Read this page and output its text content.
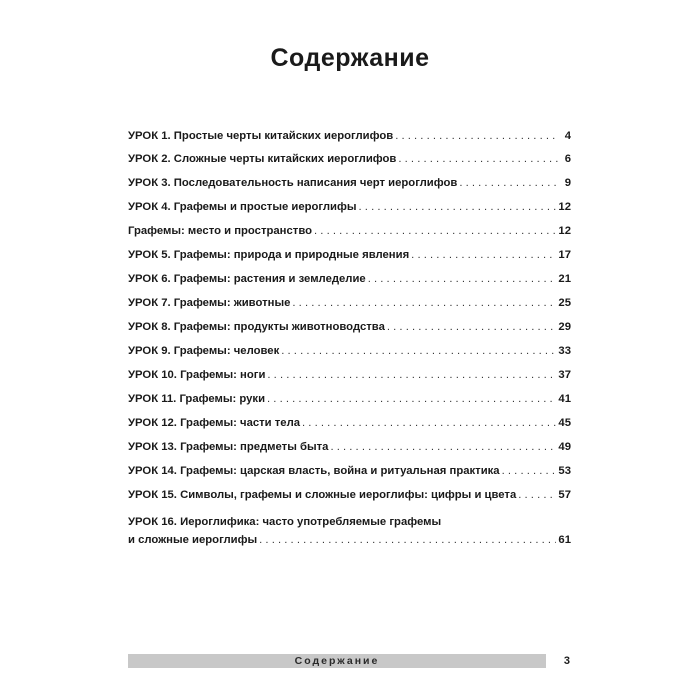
Содержание
УРОК 1. Простые черты китайских иероглифов . . .	4
УРОК 2. Сложные черты китайских иероглифов . . .	6
УРОК 3. Последовательность написания черт иероглифов . . .	9
УРОК 4. Графемы и простые иероглифы . . .	12
Графемы: место и пространство . . .	12
УРОК 5. Графемы: природа и природные явления . . .	17
УРОК 6. Графемы: растения и земледелие . . .	21
УРОК 7. Графемы: животные . . .	25
УРОК 8. Графемы: продукты животноводства . . .	29
УРОК 9. Графемы: человек . . .	33
УРОК 10. Графемы: ноги . . .	37
УРОК 11. Графемы: руки . . .	41
УРОК 12. Графемы: части тела . . .	45
УРОК 13. Графемы: предметы быта . . .	49
УРОК 14. Графемы: царская власть, война и ритуальная практика . . .	53
УРОК 15. Символы, графемы и сложные иероглифы: цифры и цвета . . .	57
УРОК 16. Иероглифика: часто употребляемые графемы
и сложные иероглифы . . .	61
Содержание	3
